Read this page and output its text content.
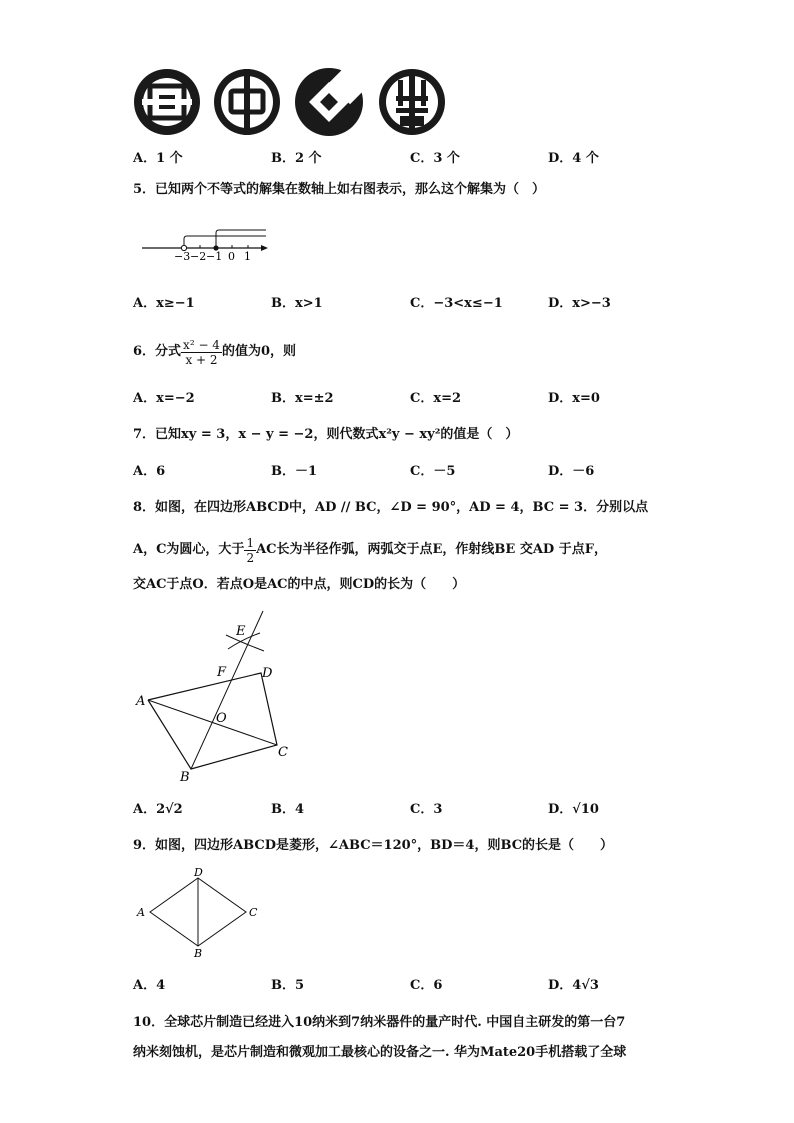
A．1 个	B．2 个	C．3 个	D．4 个
5．已知两个不等式的解集在数轴上如右图表示，那么这个解集为（　）
−3 −2 −1 0 1
A．x≥−1	B．x>1	C．−3<x≤−1	D．x>−3
6．分式 $\frac{\text{x² − 4}}{x + 2}$ 的值为0，则
A．x=−2	B．x=±2	C．x=2	D．x=0
7．已知xy = 3，x − y = −2，则代数式x²y − xy²的值是（　）
A．6	B．－1	C．－5	D．－6
8．如图，在四边形ABCD中，AD // BC，∠D = 90°，AD = 4，BC = 3．分别以点
A，C为圆心，大于 $\frac{1}{2}$ AC长为半径作弧，两弧交于点E，作射线BE 交AD 于点F，
交AC于点O．若点O是AC的中点，则CD的长为（　　）
E
F	D
A
O
C
B
A．2√2	B．4	C．3	D．√10
9．如图，四边形ABCD是菱形，∠ABC＝120°，BD＝4，则BC的长是（　　）
D
A	C
B
A．4	B．5	C．6	D．4√3
10．全球芯片制造已经进入10纳米到7纳米器件的量产时代. 中国自主研发的第一台7
纳米刻蚀机，是芯片制造和微观加工最核心的设备之一. 华为Mate20手机搭载了全球
